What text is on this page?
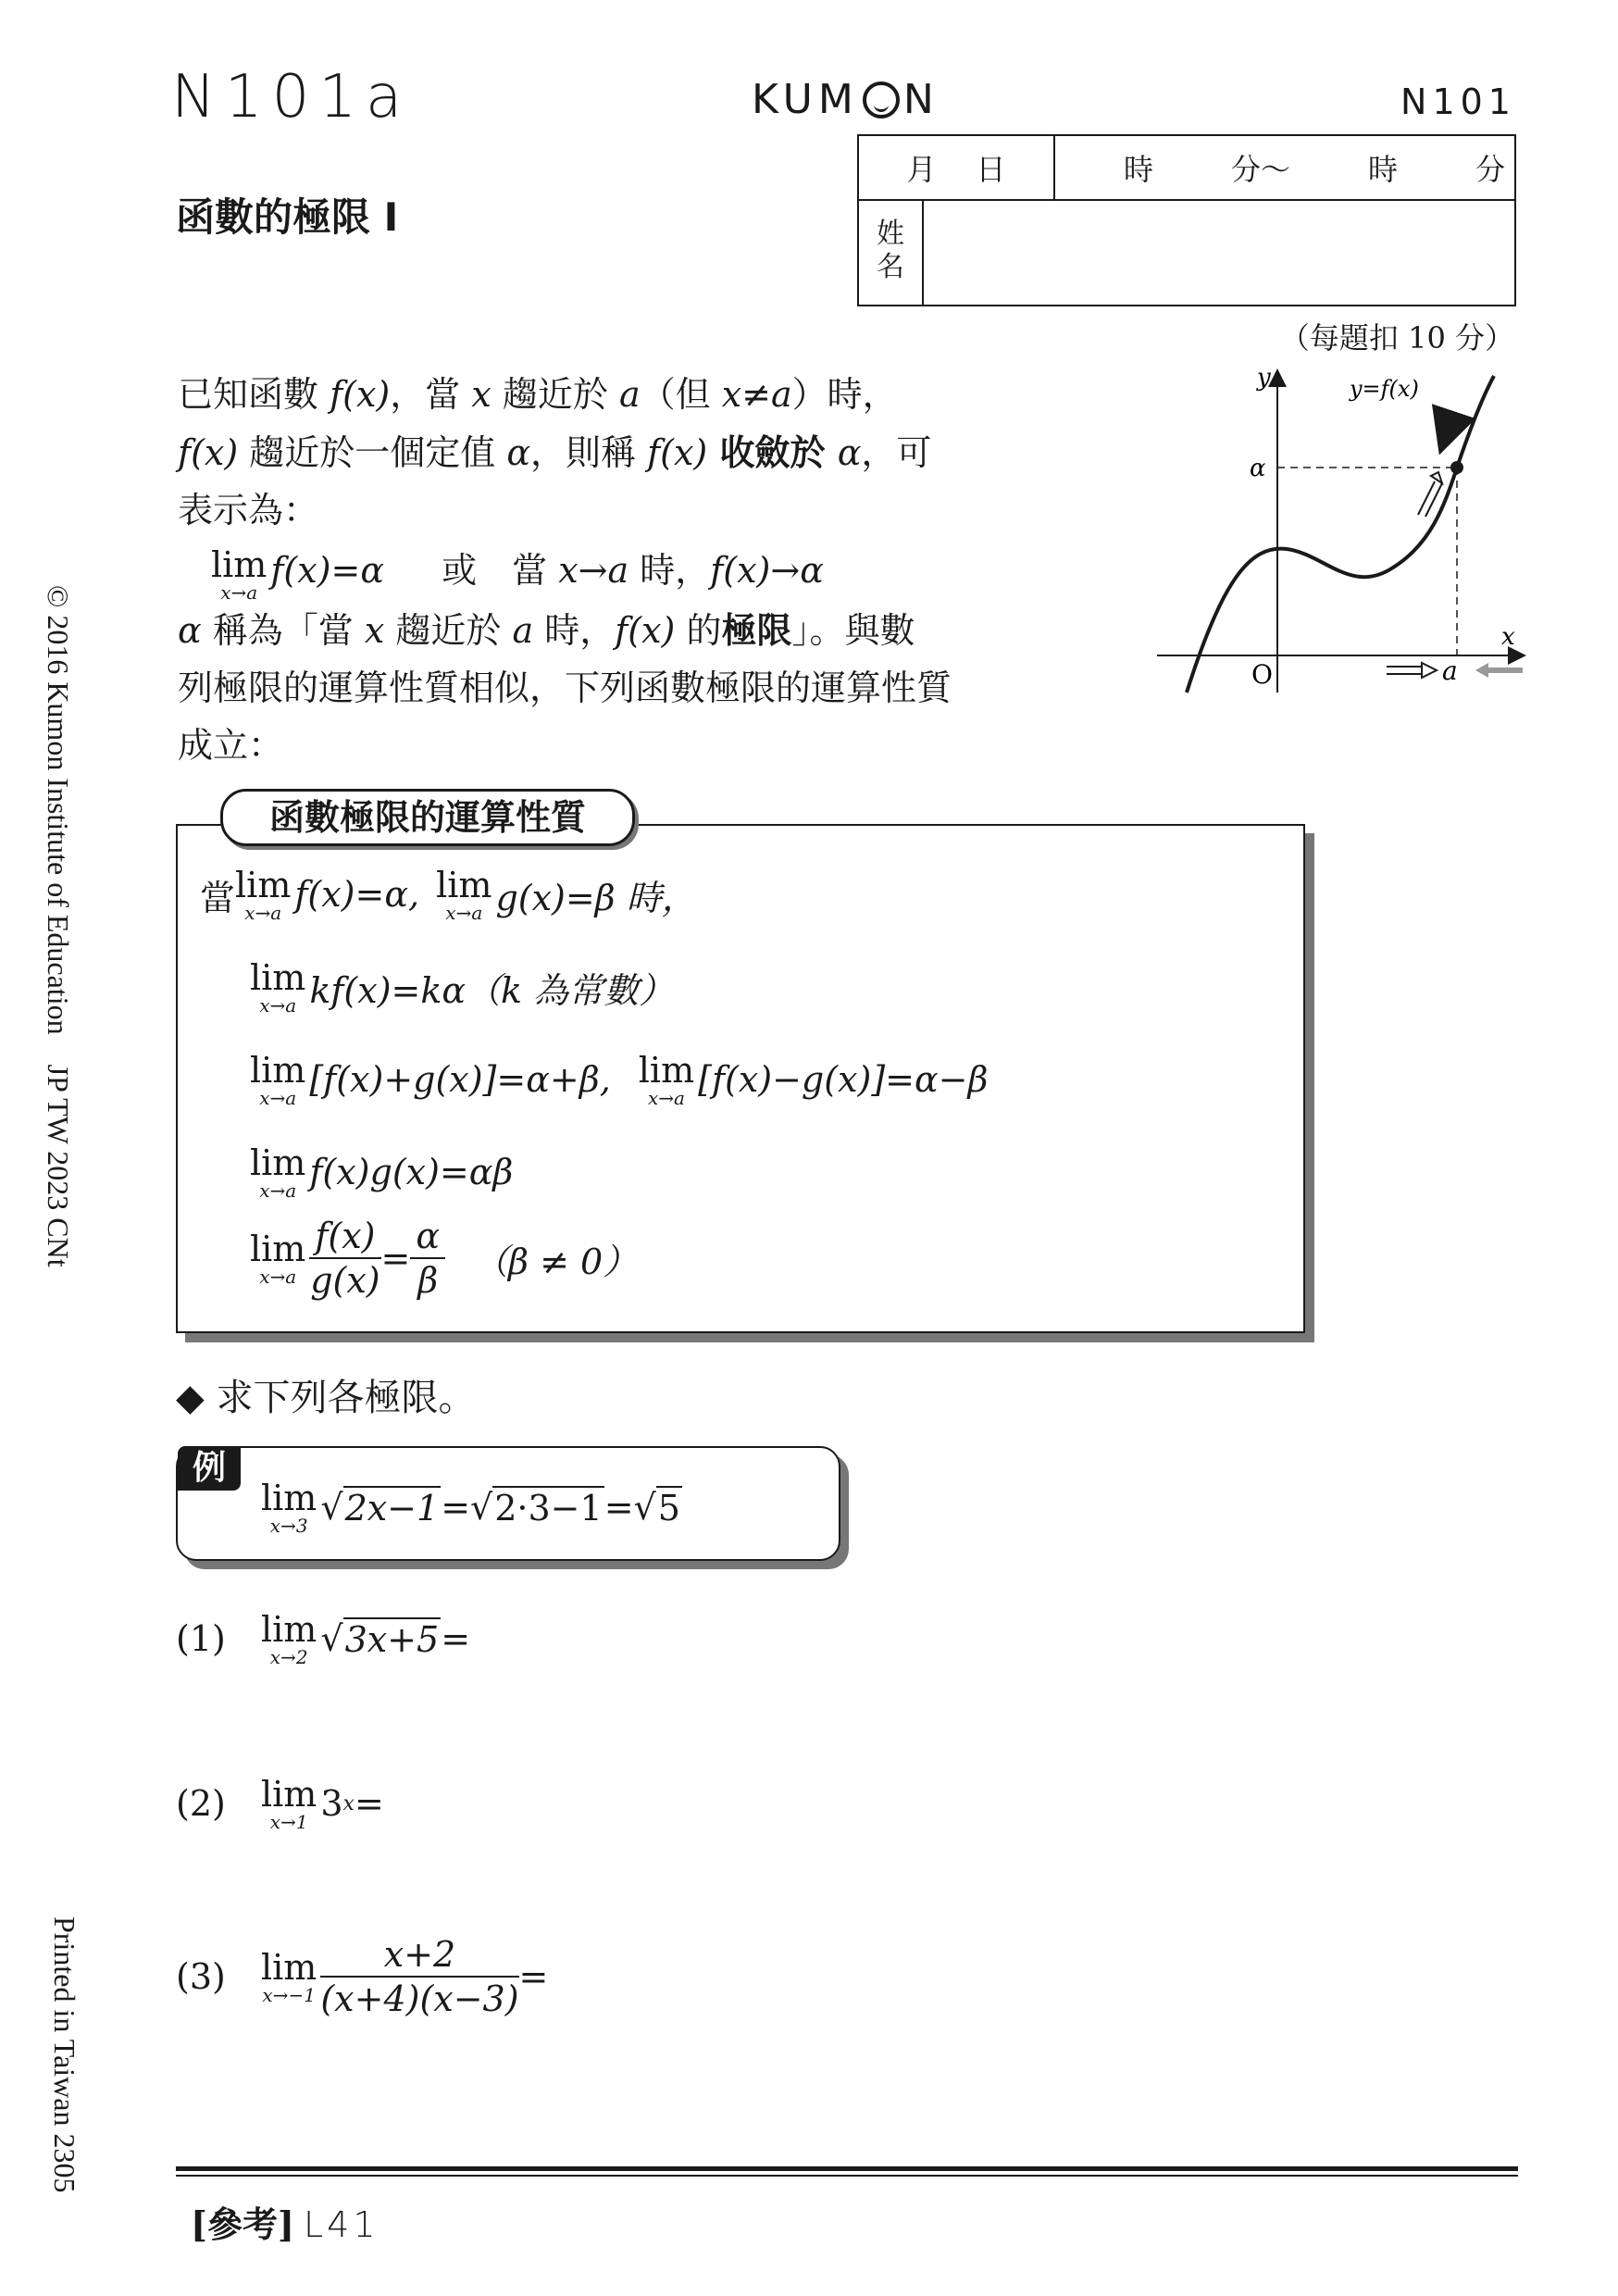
N101a	KUM N	N101
函數的極限 I
月 日	時	分～	時	分
姓
名
（每題扣 10 分）
已知函數 f(x)，當 x 趨近於 a（但 x≠a）時，
f(x) 趨近於一個定值 α，則稱 f(x) 收斂於 α，可
表示為：
lim
x→a
f(x)=α 或　當 x→a 時，f(x)→α
α 稱為「當 x 趨近於 a 時，f(x) 的極限」。與數
列極限的運算性質相似，下列函數極限的運算性質
成立：
y
x
O
α
y=f(x)
a
當 lim
x→a f(x)=α, lim
x→a g(x)=β 時，
lim
x→a kf(x)=kα（k 為常數）
lim
x→a [f(x)+g(x)]=α+β, lim
x→a [f(x)−g(x)]=α−β
lim
x→a f(x)g(x)=αβ
lim
$x\to a \frac{f(x)}{g(x)} = \frac{\alpha}{\beta} (\beta \ne 0)$
函數極限的運算性質
◆ 求下列各極限。
例
lim
x→3 √ 2x−1 = √ 2·3−1 = √ 5
(1)	lim
x→2 √ 3x+5 =
(2)	lim
x→1 3 x =
(3)	lim
$x\to-1 \frac{x+2}{(x+4)(x-3)}$ =
© 2016 Kumon Institute of Education　JP TW 2023 CNt
Printed in Taiwan 2305
[參考] L41
